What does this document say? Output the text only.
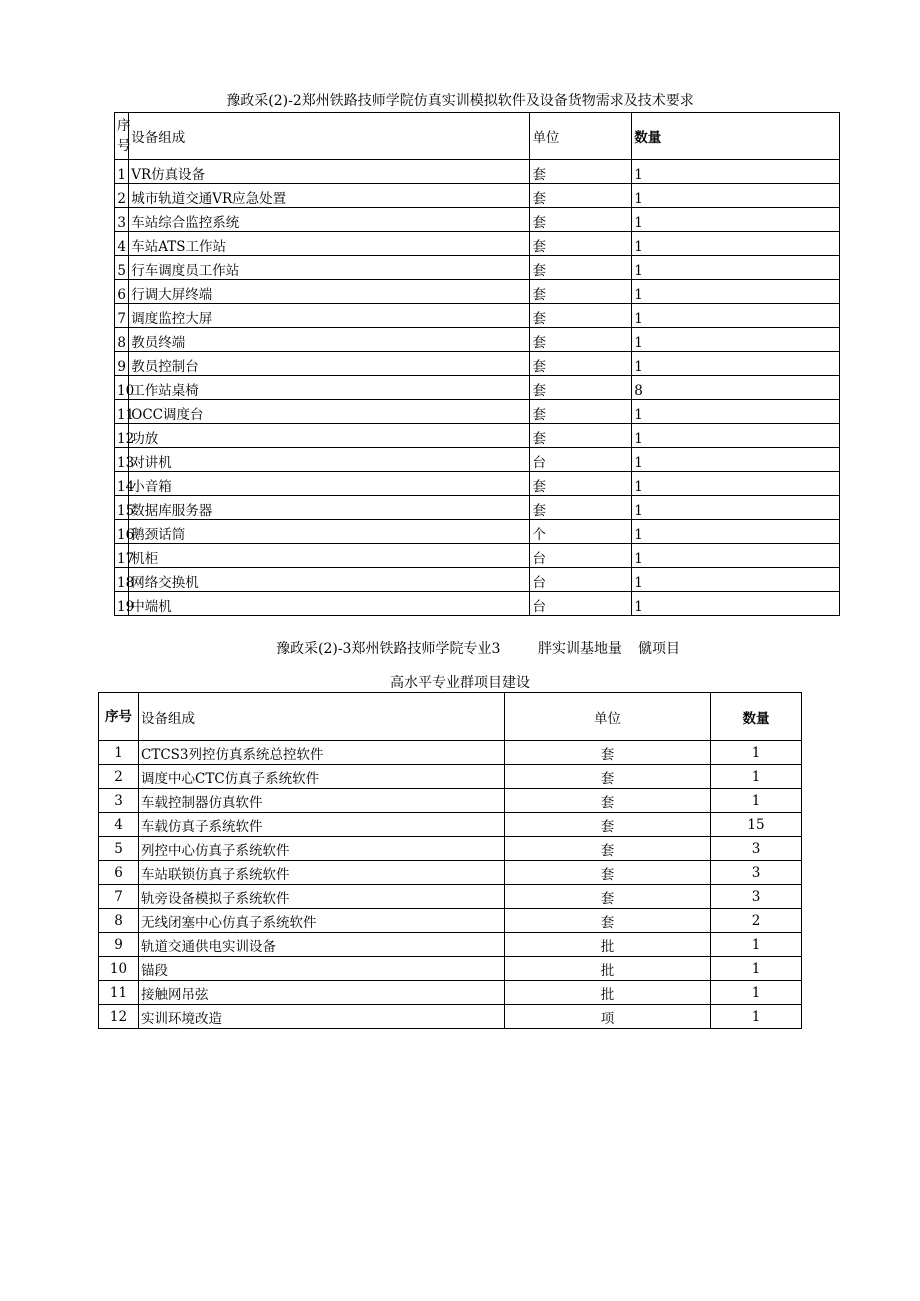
豫政采(2)-2郑州铁路技师学院仿真实训模拟软件及设备货物需求及技术要求
序号	设备组成	单位	数量
1	VR仿真设备	套	1
2	城市轨道交通VR应急处置	套	1
3	车站综合监控系统	套	1
4	车站ATS工作站	套	1
5	行车调度员工作站	套	1
6	行调大屏终端	套	1
7	调度监控大屏	套	1
8	教员终端	套	1
9	教员控制台	套	1
10	工作站桌椅	套	8
11	OCC调度台	套	1
12	功放	套	1
13	对讲机	台	1
14	小音箱	套	1
15	数据库服务器	套	1
16	鹅颈话筒	个	1
17	机柜	台	1
18	网络交换机	台	1
19	中端机	台	1
豫政采(2)-3郑州铁路技师学院专业3	胖实训基地量 僦项目
高水平专业群项目建设
序号	设备组成	单位	数量
1	CTCS3列控仿真系统总控软件	套	1
2	调度中心CTC仿真子系统软件	套	1
3	车载控制器仿真软件	套	1
4	车载仿真子系统软件	套	15
5	列控中心仿真子系统软件	套	3
6	车站联锁仿真子系统软件	套	3
7	轨旁设备模拟子系统软件	套	3
8	无线闭塞中心仿真子系统软件	套	2
9	轨道交通供电实训设备	批	1
10	锚段	批	1
11	接触网吊弦	批	1
12	实训环境改造	项	1
